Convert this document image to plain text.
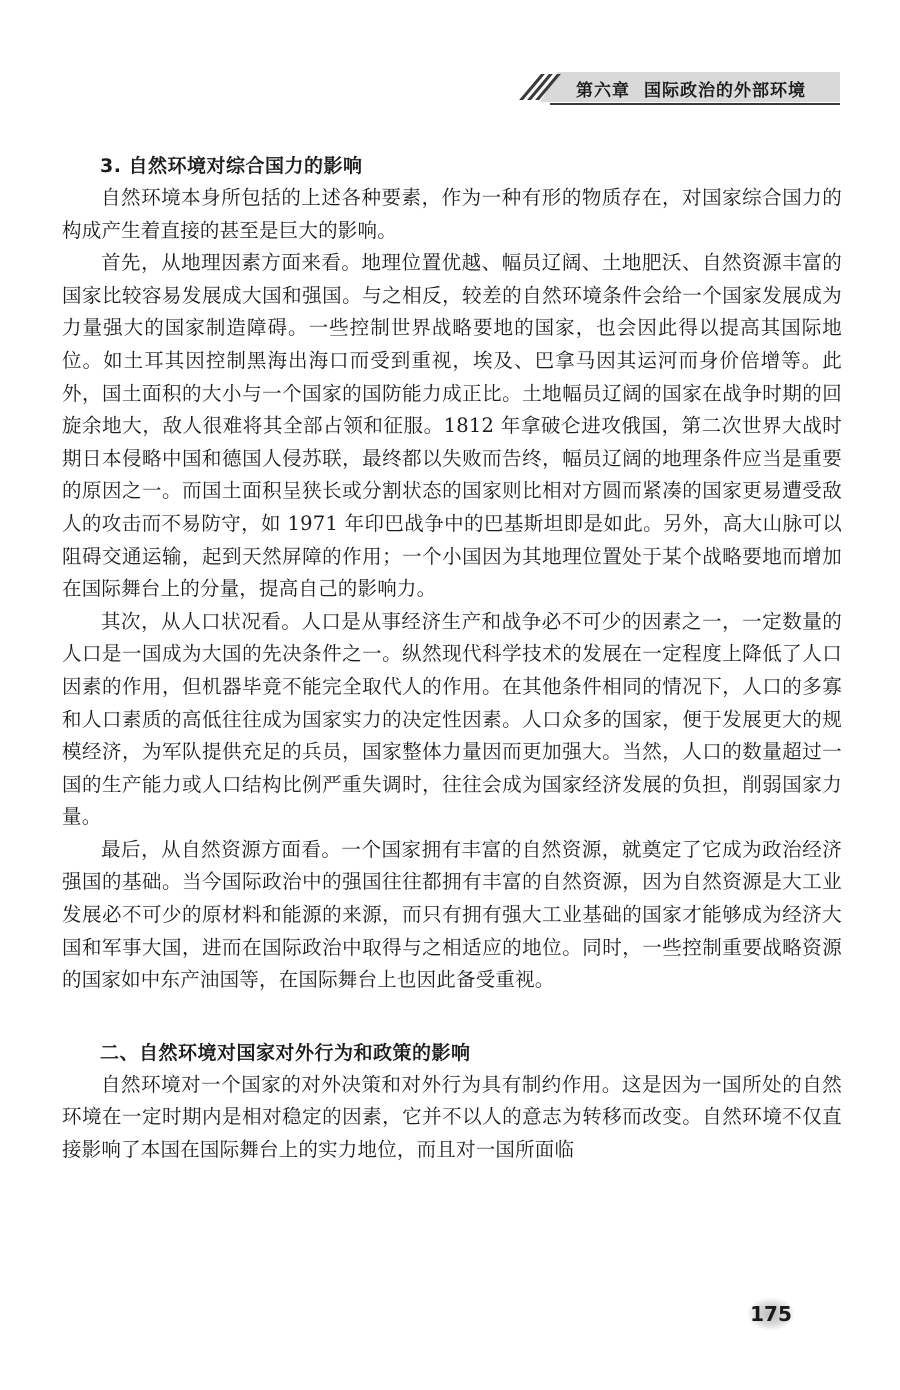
第六章 国际政治的外部环境
3. 自然环境对综合国力的影响

自然环境本身所包括的上述各种要素，作为一种有形的物质存在，对国家综合国力的构成产生着直接的甚至是巨大的影响。

首先，从地理因素方面来看。地理位置优越、幅员辽阔、土地肥沃、自然资源丰富的国家比较容易发展成大国和强国。与之相反，较差的自然环境条件会给一个国家发展成为力量强大的国家制造障碍。一些控制世界战略要地的国家，也会因此得以提高其国际地位。如土耳其因控制黑海出海口而受到重视，埃及、巴拿马因其运河而身价倍增等。此外，国土面积的大小与一个国家的国防能力成正比。土地幅员辽阔的国家在战争时期的回旋余地大，敌人很难将其全部占领和征服。1812 年拿破仑进攻俄国，第二次世界大战时期日本侵略中国和德国人侵苏联，最终都以失败而告终，幅员辽阔的地理条件应当是重要的原因之一。而国土面积呈狭长或分割状态的国家则比相对方圆而紧凑的国家更易遭受敌人的攻击而不易防守，如 1971 年印巴战争中的巴基斯坦即是如此。另外，高大山脉可以阻碍交通运输，起到天然屏障的作用；一个小国因为其地理位置处于某个战略要地而增加在国际舞台上的分量，提高自己的影响力。

其次，从人口状况看。人口是从事经济生产和战争必不可少的因素之一，一定数量的人口是一国成为大国的先决条件之一。纵然现代科学技术的发展在一定程度上降低了人口因素的作用，但机器毕竟不能完全取代人的作用。在其他条件相同的情况下，人口的多寡和人口素质的高低往往成为国家实力的决定性因素。人口众多的国家，便于发展更大的规模经济，为军队提供充足的兵员，国家整体力量因而更加强大。当然，人口的数量超过一国的生产能力或人口结构比例严重失调时，往往会成为国家经济发展的负担，削弱国家力量。

最后，从自然资源方面看。一个国家拥有丰富的自然资源，就奠定了它成为政治经济强国的基础。当今国际政治中的强国往往都拥有丰富的自然资源，因为自然资源是大工业发展必不可少的原材料和能源的来源，而只有拥有强大工业基础的国家才能够成为经济大国和军事大国，进而在国际政治中取得与之相适应的地位。同时，一些控制重要战略资源的国家如中东产油国等，在国际舞台上也因此备受重视。

二、自然环境对国家对外行为和政策的影响

自然环境对一个国家的对外决策和对外行为具有制约作用。这是因为一国所处的自然环境在一定时期内是相对稳定的因素，它并不以人的意志为转移而改变。自然环境不仅直接影响了本国在国际舞台上的实力地位，而且对一国所面临

175
